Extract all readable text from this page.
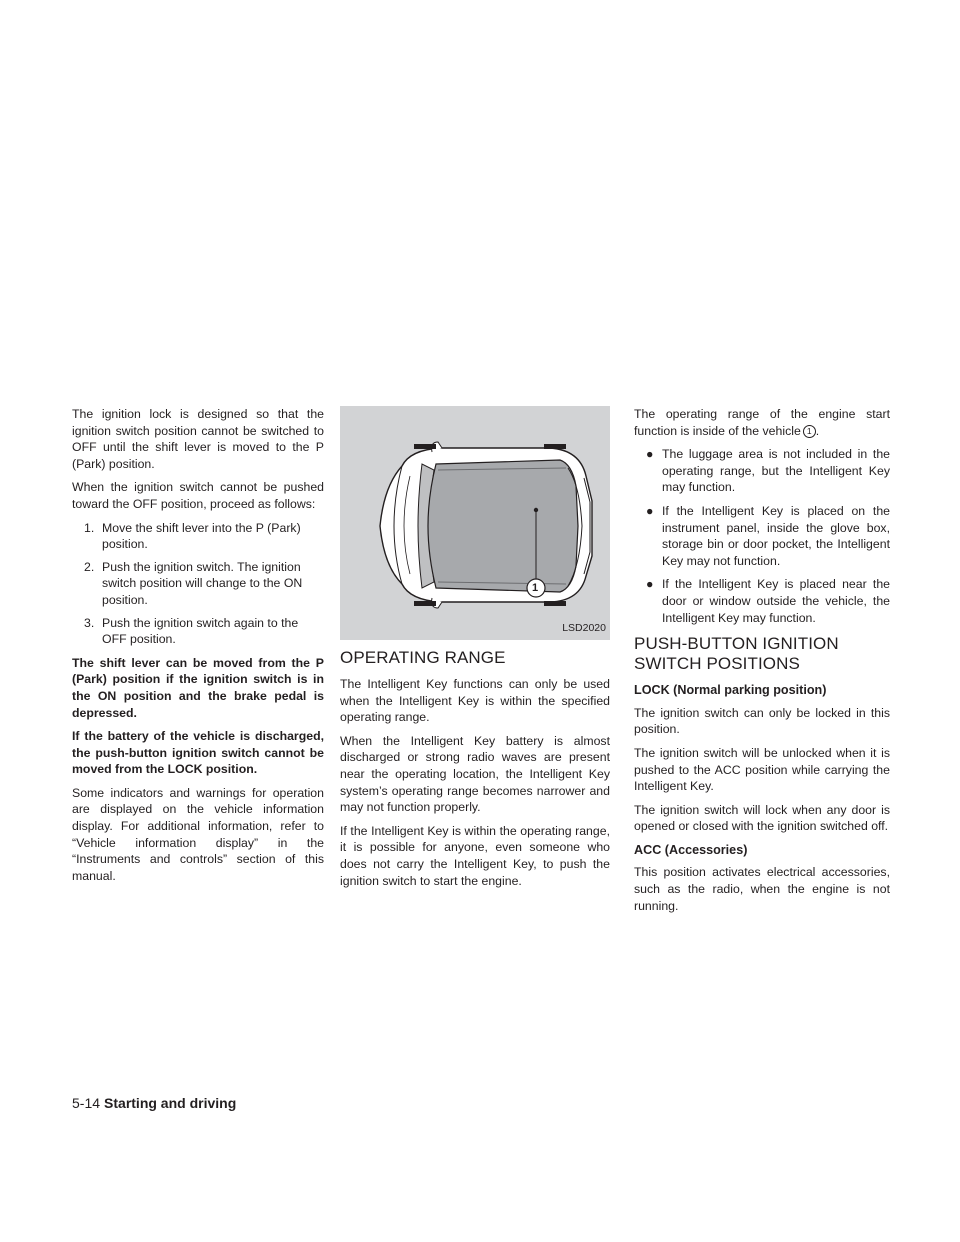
The ignition lock is designed so that the ignition switch position cannot be switched to OFF until the shift lever is moved to the P (Park) position.

When the ignition switch cannot be pushed toward the OFF position, proceed as follows:

1. Move the shift lever into the P (Park) position.
2. Push the ignition switch. The ignition switch position will change to the ON position.
3. Push the ignition switch again to the OFF position.

The shift lever can be moved from the P (Park) position if the ignition switch is in the ON position and the brake pedal is depressed.

If the battery of the vehicle is discharged, the push-button ignition switch cannot be moved from the LOCK position.

Some indicators and warnings for operation are displayed on the vehicle information display. For additional information, refer to “Vehicle information display” in the “Instruments and controls” section of this manual.

1
LSD2020
OPERATING RANGE

The Intelligent Key functions can only be used when the Intelligent Key is within the specified operating range.

When the Intelligent Key battery is almost discharged or strong radio waves are present near the operating location, the Intelligent Key system’s operating range becomes narrower and may not function properly.

If the Intelligent Key is within the operating range, it is possible for anyone, even someone who does not carry the Intelligent Key, to push the ignition switch to start the engine.

The operating range of the engine start function is inside of the vehicle 1 .

● The luggage area is not included in the operating range, but the Intelligent Key may function.
● If the Intelligent Key is placed on the instrument panel, inside the glove box, storage bin or door pocket, the Intelligent Key may not function.
● If the Intelligent Key is placed near the door or window outside the vehicle, the Intelligent Key may function.
PUSH-BUTTON IGNITION SWITCH POSITIONS
LOCK (Normal parking position)

The ignition switch can only be locked in this position.

The ignition switch will be unlocked when it is pushed to the ACC position while carrying the Intelligent Key.

The ignition switch will lock when any door is opened or closed with the ignition switched off.

ACC (Accessories)

This position activates electrical accessories, such as the radio, when the engine is not running.

5-14 Starting and driving
